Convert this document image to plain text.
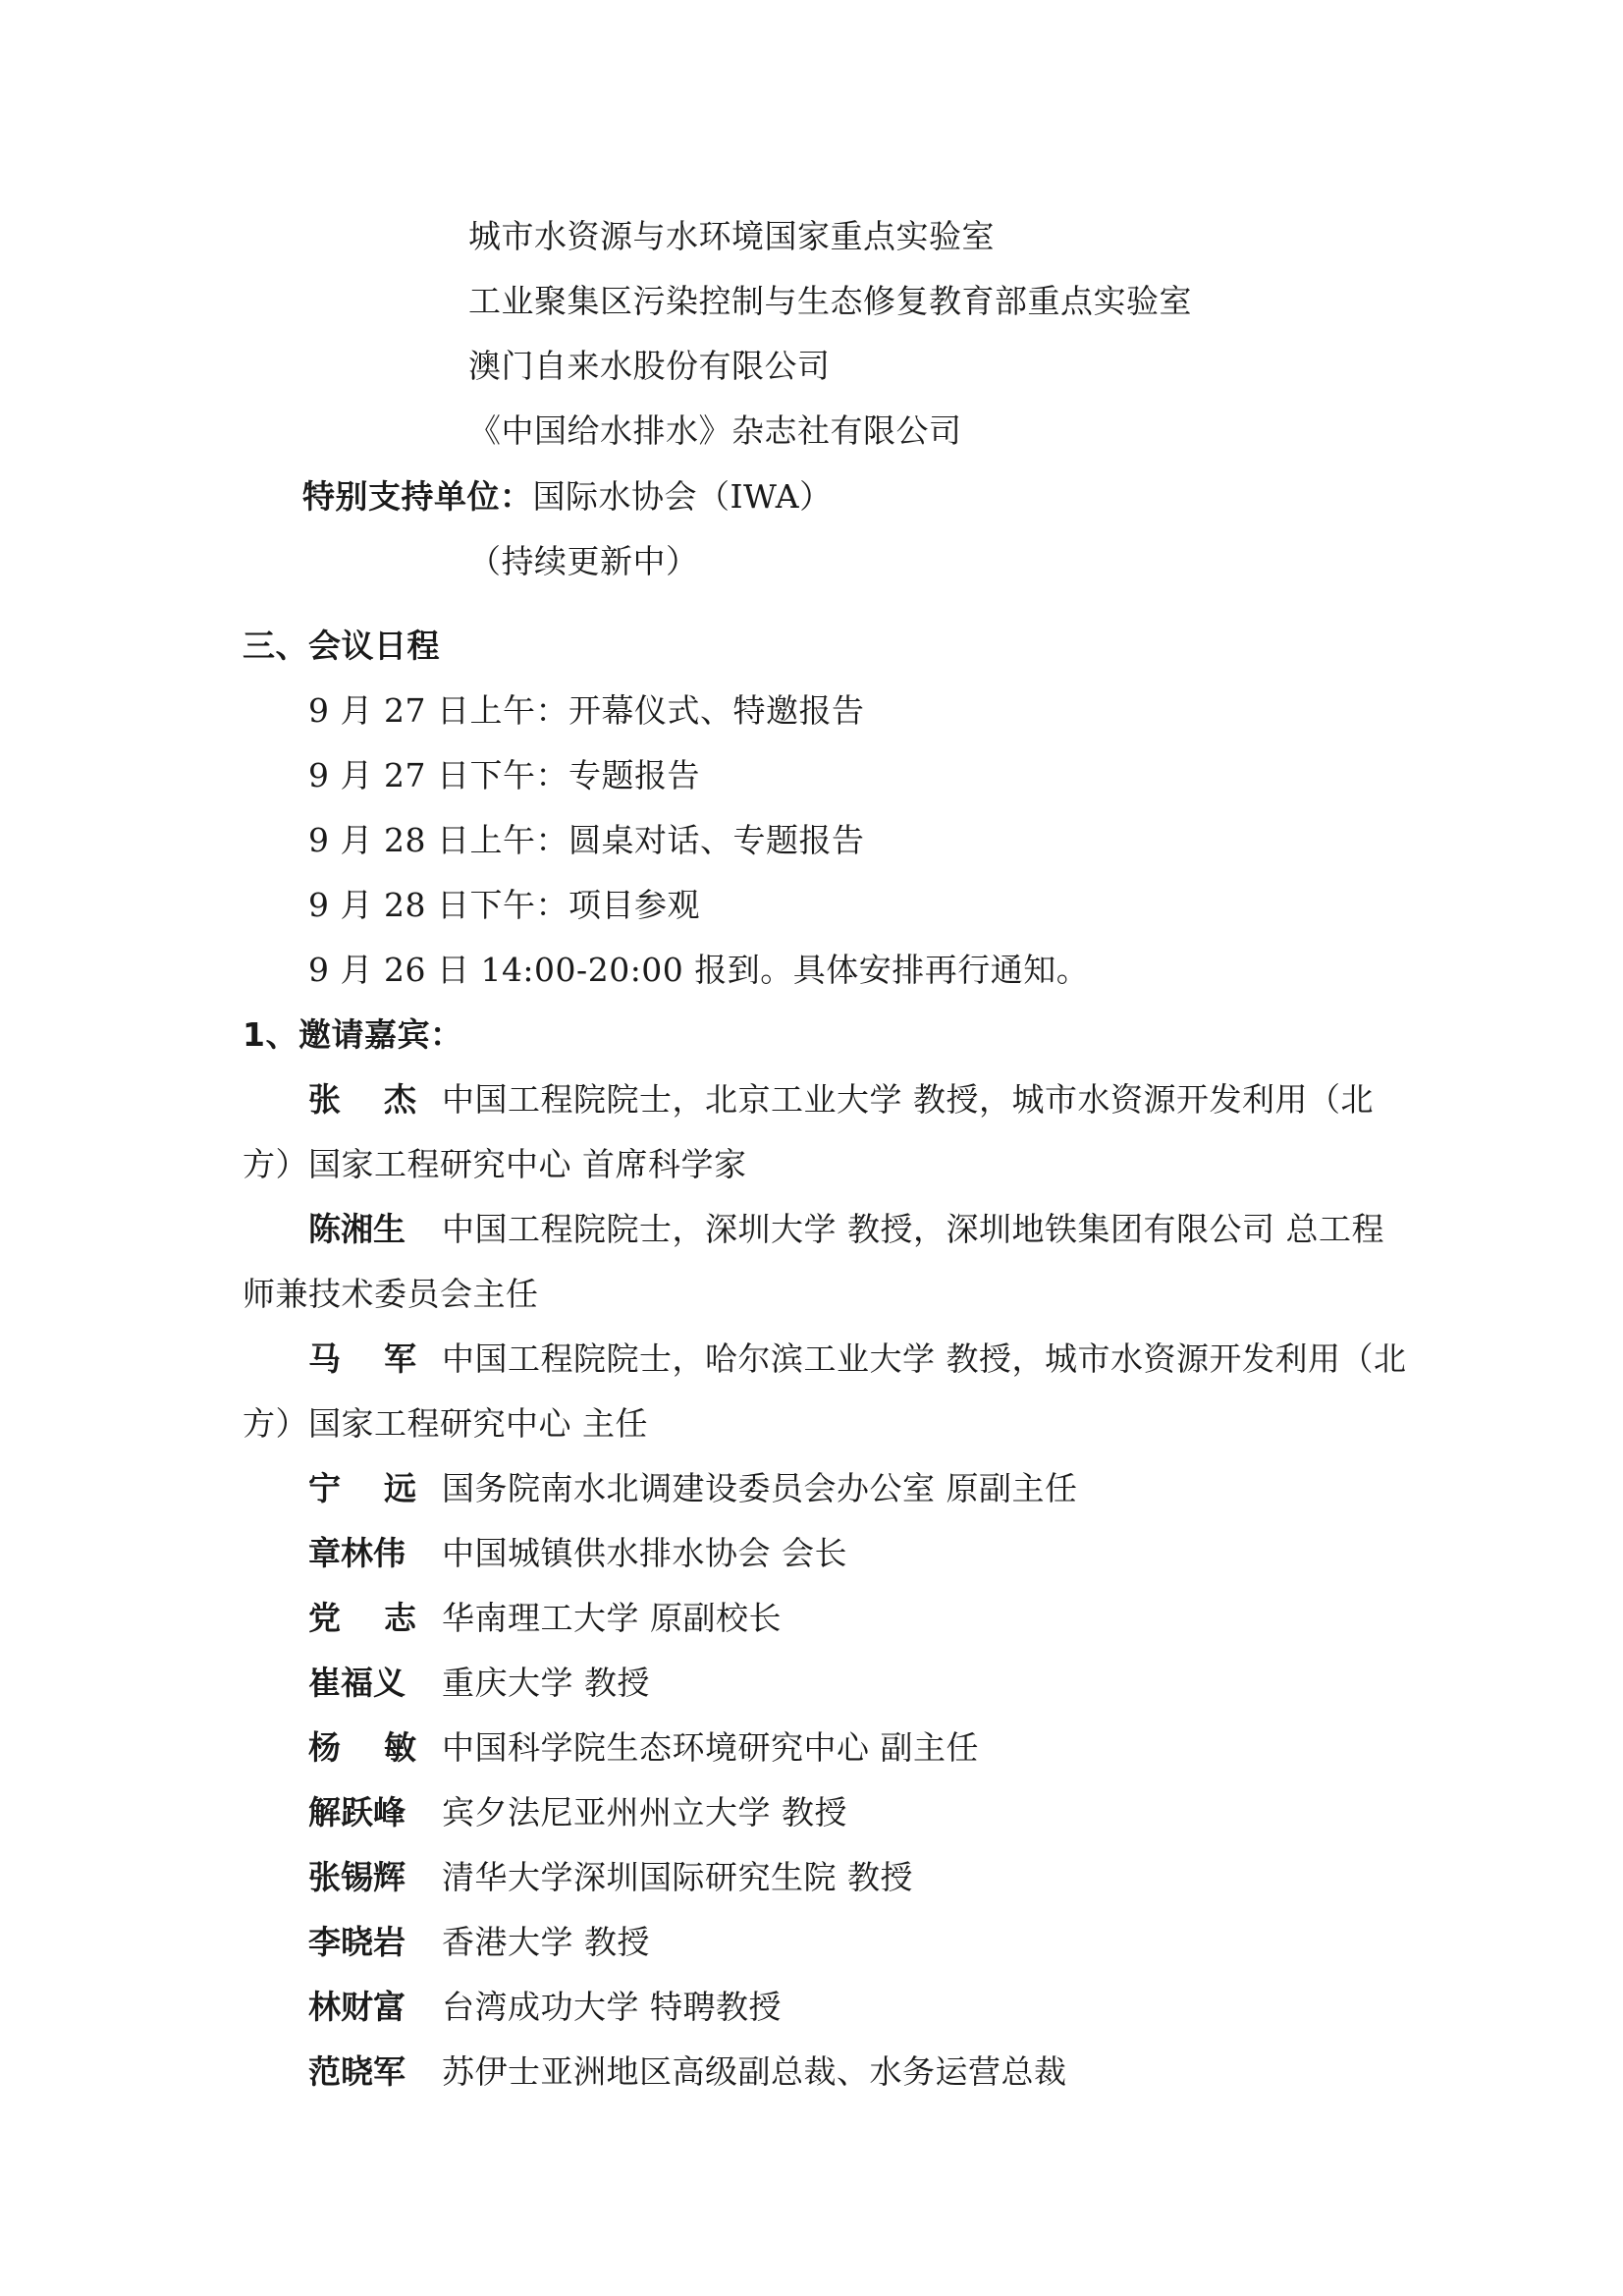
城市水资源与水环境国家重点实验室
工业聚集区污染控制与生态修复教育部重点实验室
澳门自来水股份有限公司
《中国给水排水》杂志社有限公司
特别支持单位：国际水协会（IWA）
（持续更新中）
三、会议日程
9 月 27 日上午：开幕仪式、特邀报告
9 月 27 日下午：专题报告
9 月 28 日上午：圆桌对话、专题报告
9 月 28 日下午：项目参观
9 月 26 日 14:00-20:00 报到。具体安排再行通知。
1、邀请嘉宾：
张 杰 中国工程院院士，北京工业大学 教授，城市水资源开发利用（北
方）国家工程研究中心 首席科学家
陈 湘 生 中国工程院院士，深圳大学 教授，深圳地铁集团有限公司 总工程
师兼技术委员会主任
马 军 中国工程院院士，哈尔滨工业大学 教授，城市水资源开发利用（北
方）国家工程研究中心 主任
宁 远 国务院南水北调建设委员会办公室 原副主任
章 林 伟 中国城镇供水排水协会 会长
党 志 华南理工大学 原副校长
崔 福 义 重庆大学 教授
杨 敏 中国科学院生态环境研究中心 副主任
解 跃 峰 宾夕法尼亚州州立大学 教授
张 锡 辉 清华大学深圳国际研究生院 教授
李 晓 岩 香港大学 教授
林 财 富 台湾成功大学 特聘教授
范 晓 军 苏伊士亚洲地区高级副总裁、水务运营总裁
